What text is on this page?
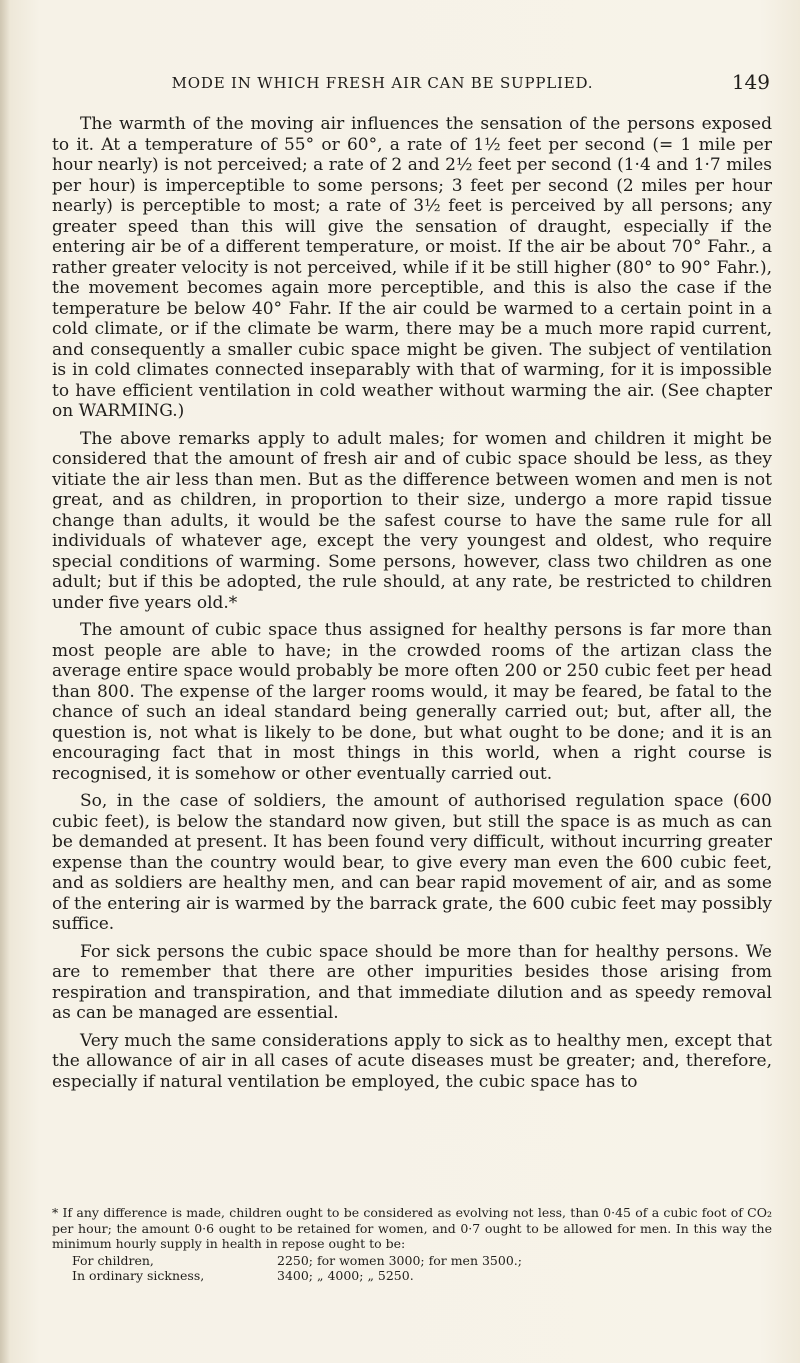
MODE IN WHICH FRESH AIR CAN BE SUPPLIED.	149

The warmth of the moving air influences the sensation of the persons exposed to it. At a temperature of 55° or 60°, a rate of 1½ feet per second (= 1 mile per hour nearly) is not perceived; a rate of 2 and 2½ feet per second (1·4 and 1·7 miles per hour) is imperceptible to some persons; 3 feet per second (2 miles per hour nearly) is perceptible to most; a rate of 3½ feet is perceived by all persons; any greater speed than this will give the sensation of draught, especially if the entering air be of a different temperature, or moist. If the air be about 70° Fahr., a rather greater velocity is not perceived, while if it be still higher (80° to 90° Fahr.), the movement becomes again more perceptible, and this is also the case if the temperature be below 40° Fahr. If the air could be warmed to a certain point in a cold climate, or if the climate be warm, there may be a much more rapid current, and consequently a smaller cubic space might be given. The subject of ventilation is in cold climates connected inseparably with that of warming, for it is impossible to have efficient ventilation in cold weather without warming the air. (See chapter on WARMING.)

The above remarks apply to adult males; for women and children it might be considered that the amount of fresh air and of cubic space should be less, as they vitiate the air less than men. But as the difference between women and men is not great, and as children, in proportion to their size, undergo a more rapid tissue change than adults, it would be the safest course to have the same rule for all individuals of whatever age, except the very youngest and oldest, who require special conditions of warming. Some persons, however, class two children as one adult; but if this be adopted, the rule should, at any rate, be restricted to children under five years old.*

The amount of cubic space thus assigned for healthy persons is far more than most people are able to have; in the crowded rooms of the artizan class the average entire space would probably be more often 200 or 250 cubic feet per head than 800. The expense of the larger rooms would, it may be feared, be fatal to the chance of such an ideal standard being generally carried out; but, after all, the question is, not what is likely to be done, but what ought to be done; and it is an encouraging fact that in most things in this world, when a right course is recognised, it is somehow or other eventually carried out.

So, in the case of soldiers, the amount of authorised regulation space (600 cubic feet), is below the standard now given, but still the space is as much as can be demanded at present. It has been found very difficult, without incurring greater expense than the country would bear, to give every man even the 600 cubic feet, and as soldiers are healthy men, and can bear rapid movement of air, and as some of the entering air is warmed by the barrack grate, the 600 cubic feet may possibly suffice.

For sick persons the cubic space should be more than for healthy persons. We are to remember that there are other impurities besides those arising from respiration and transpiration, and that immediate dilution and as speedy removal as can be managed are essential.

Very much the same considerations apply to sick as to healthy men, except that the allowance of air in all cases of acute diseases must be greater; and, therefore, especially if natural ventilation be employed, the cubic space has to

* If any difference is made, children ought to be considered as evolving not less, than 0·45 of a cubic foot of CO₂ per hour; the amount 0·6 ought to be retained for women, and 0·7 ought to be allowed for men. In this way the minimum hourly supply in health in repose ought to be:

For children,	2250; for women 3000; for men 3500.;
In ordinary sickness,	3400; „ 4000; „ 5250.
